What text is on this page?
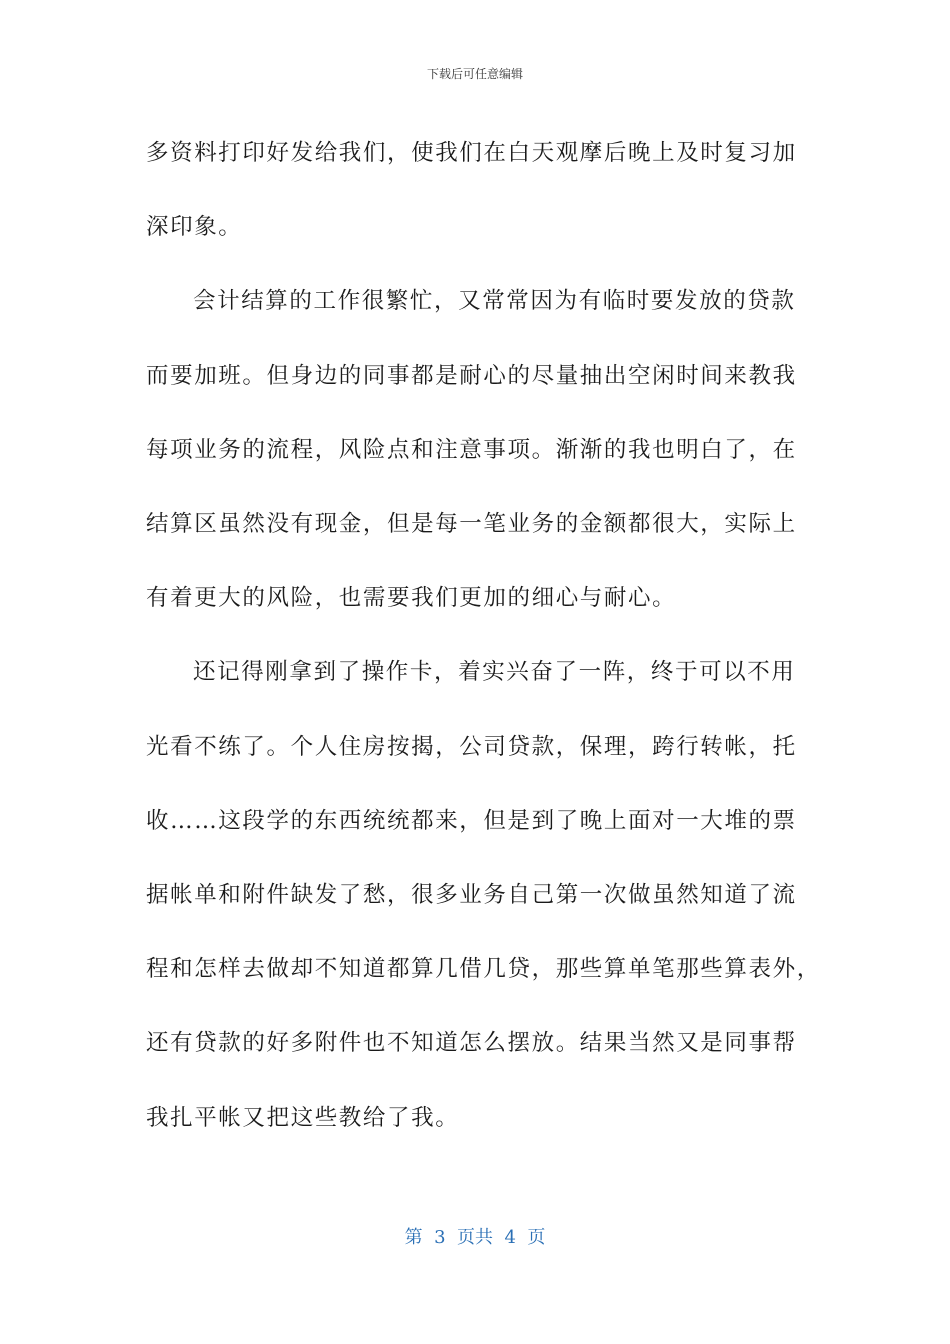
下载后可任意编辑

多资料打印好发给我们，使我们在白天观摩后晚上及时复习加
深印象。

会计结算的工作很繁忙，又常常因为有临时要发放的贷款
而要加班。但身边的同事都是耐心的尽量抽出空闲时间来教我
每项业务的流程，风险点和注意事项。渐渐的我也明白了，在
结算区虽然没有现金，但是每一笔业务的金额都很大，实际上
有着更大的风险，也需要我们更加的细心与耐心。

还记得刚拿到了操作卡，着实兴奋了一阵，终于可以不用
光看不练了。个人住房按揭，公司贷款，保理，跨行转帐，托
收……这段学的东西统统都来，但是到了晚上面对一大堆的票
据帐单和附件缺发了愁，很多业务自己第一次做虽然知道了流
程和怎样去做却不知道都算几借几贷，那些算单笔那些算表外，
还有贷款的好多附件也不知道怎么摆放。结果当然又是同事帮
我扎平帐又把这些教给了我。

第  3  页共  4  页
